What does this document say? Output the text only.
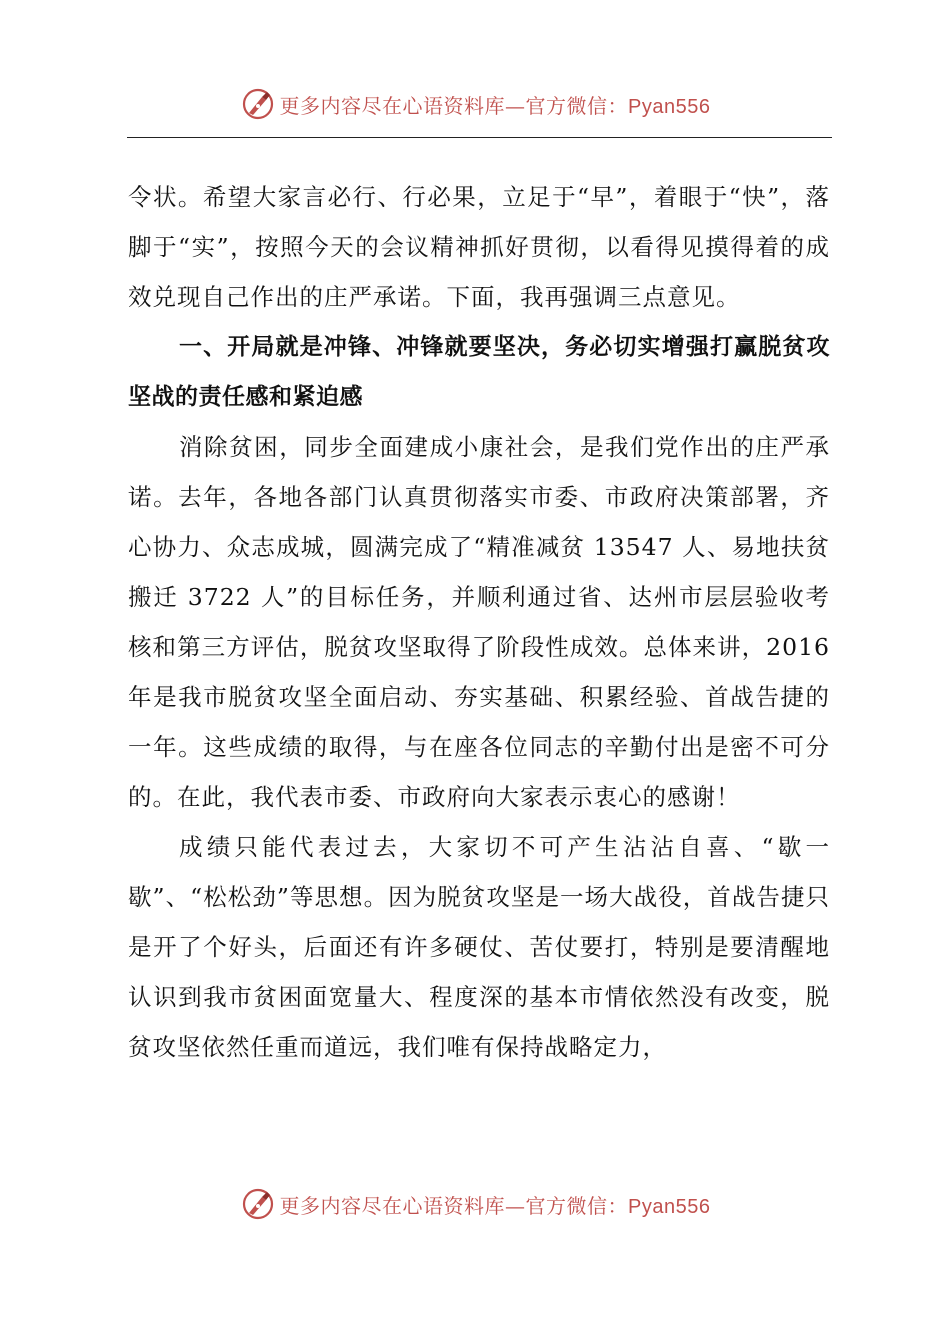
更多内容尽在心语资料库—官方微信：Pyan556

令状。希望大家言必行、行必果，立足于“早”，着眼于“快”，落脚于“实”，按照今天的会议精神抓好贯彻，以看得见摸得着的成效兑现自己作出的庄严承诺。下面，我再强调三点意见。

一、开局就是冲锋、冲锋就要坚决，务必切实增强打赢脱贫攻坚战的责任感和紧迫感

消除贫困，同步全面建成小康社会，是我们党作出的庄严承诺。去年，各地各部门认真贯彻落实市委、市政府决策部署，齐心协力、众志成城，圆满完成了“精准减贫 13547 人、易地扶贫搬迁 3722 人”的目标任务，并顺利通过省、达州市层层验收考核和第三方评估，脱贫攻坚取得了阶段性成效。总体来讲，2016 年是我市脱贫攻坚全面启动、夯实基础、积累经验、首战告捷的一年。这些成绩的取得，与在座各位同志的辛勤付出是密不可分的。在此，我代表市委、市政府向大家表示衷心的感谢！

成绩只能代表过去，大家切不可产生沾沾自喜、“歇一歇”、“松松劲”等思想。因为脱贫攻坚是一场大战役，首战告捷只是开了个好头，后面还有许多硬仗、苦仗要打，特别是要清醒地认识到我市贫困面宽量大、程度深的基本市情依然没有改变，脱贫攻坚依然任重而道远，我们唯有保持战略定力，

更多内容尽在心语资料库—官方微信：Pyan556
